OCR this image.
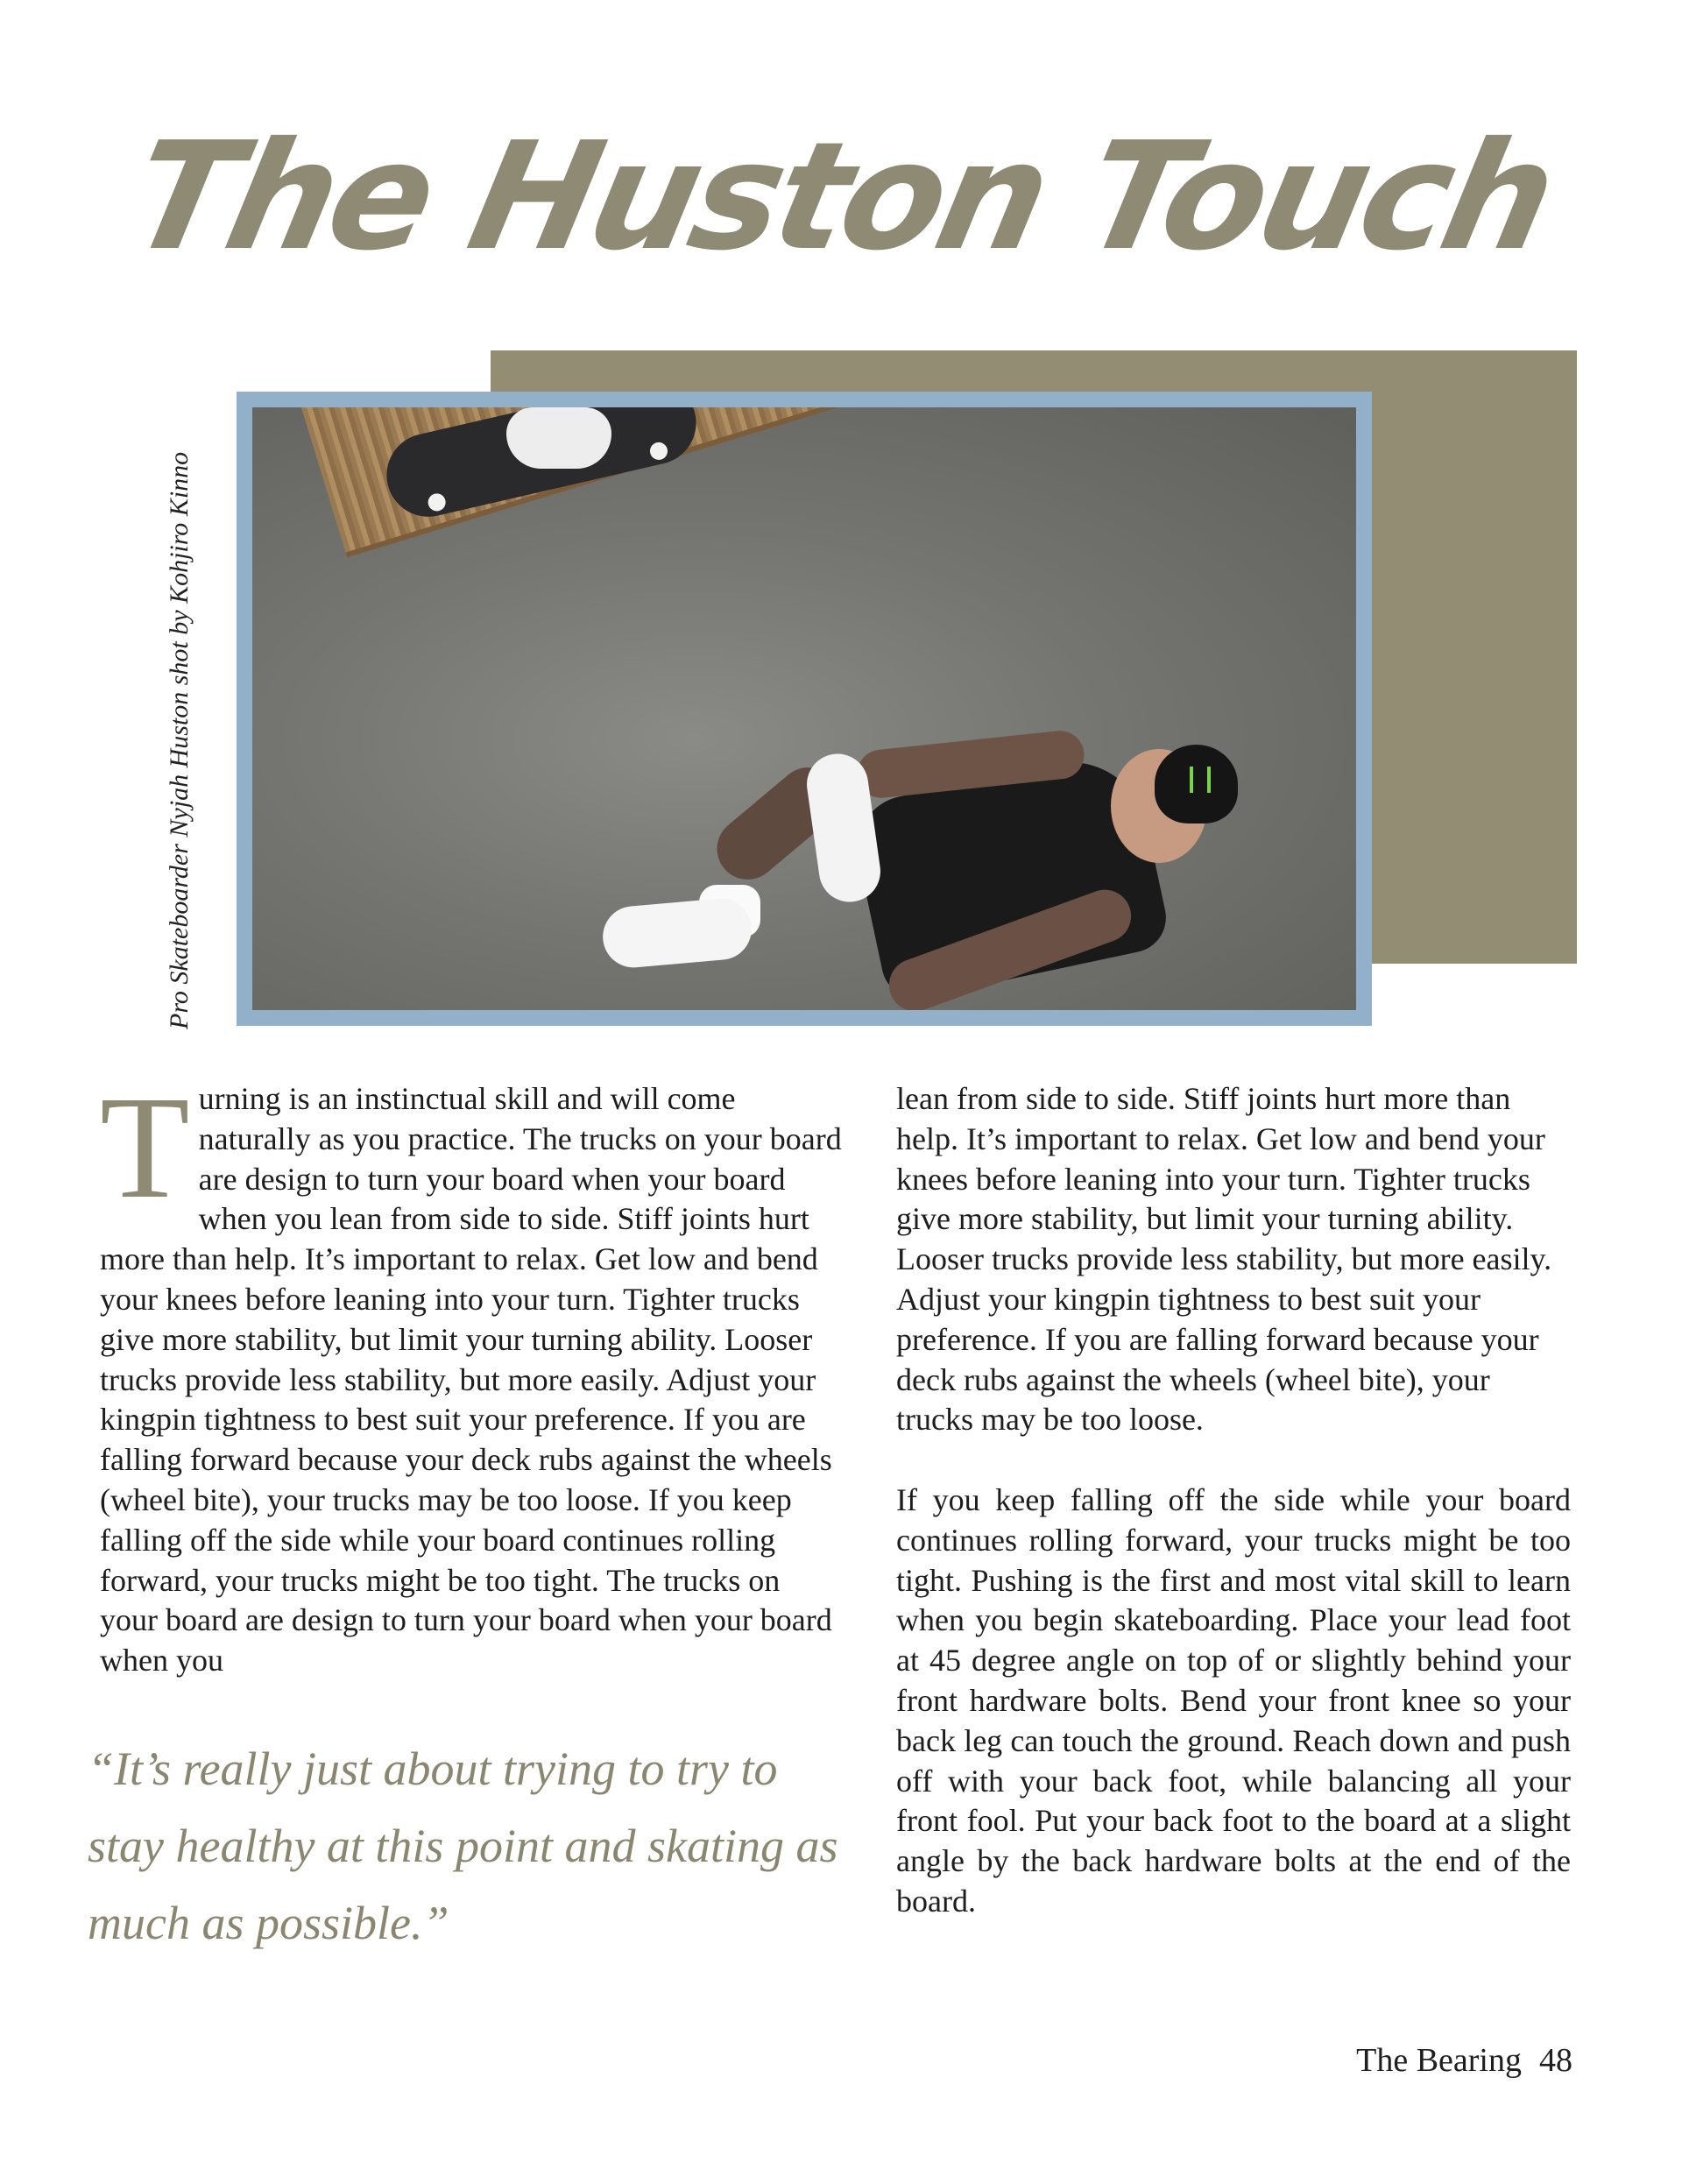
The Huston Touch
Pro Skateboarder Nyjah Huston shot by Kohjiro Kinno

Turning is an instinctual skill and will come naturally as you practice. The trucks on your board are design to turn your board when your board when you lean from side to side. Stiff joints hurt more than help. It’s important to relax. Get low and bend your knees before leaning into your turn. Tighter trucks give more stability, but limit your turning ability. Looser trucks provide less stability, but more easily. Adjust your kingpin tightness to best suit your preference. If you are falling forward because your deck rubs against the wheels (wheel bite), your trucks may be too loose. If you keep falling off the side while your board continues rolling forward, your trucks might be too tight. The trucks on your board are design to turn your board when your board when you

lean from side to side. Stiff joints hurt more than help. It’s important to relax. Get low and bend your knees before leaning into your turn. Tighter trucks give more stability, but limit your turning ability. Looser trucks provide less stability, but more easily. Adjust your kingpin tightness to best suit your preference. If you are falling forward because your deck rubs against the wheels (wheel bite), your trucks may be too loose.

If you keep falling off the side while your board continues rolling forward, your trucks might be too tight. Pushing is the first and most vital skill to learn when you begin skateboarding. Place your lead foot at 45 degree angle on top of or slightly behind your front hardware bolts. Bend your front knee so your back leg can touch the ground. Reach down and push off with your back foot, while balancing all your front fool. Put your back foot to the board at a slight angle by the back hardware bolts at the end of the board.

“It’s really just about trying to try to stay healthy at this point and skating as much as possible.”
The Bearing 48
